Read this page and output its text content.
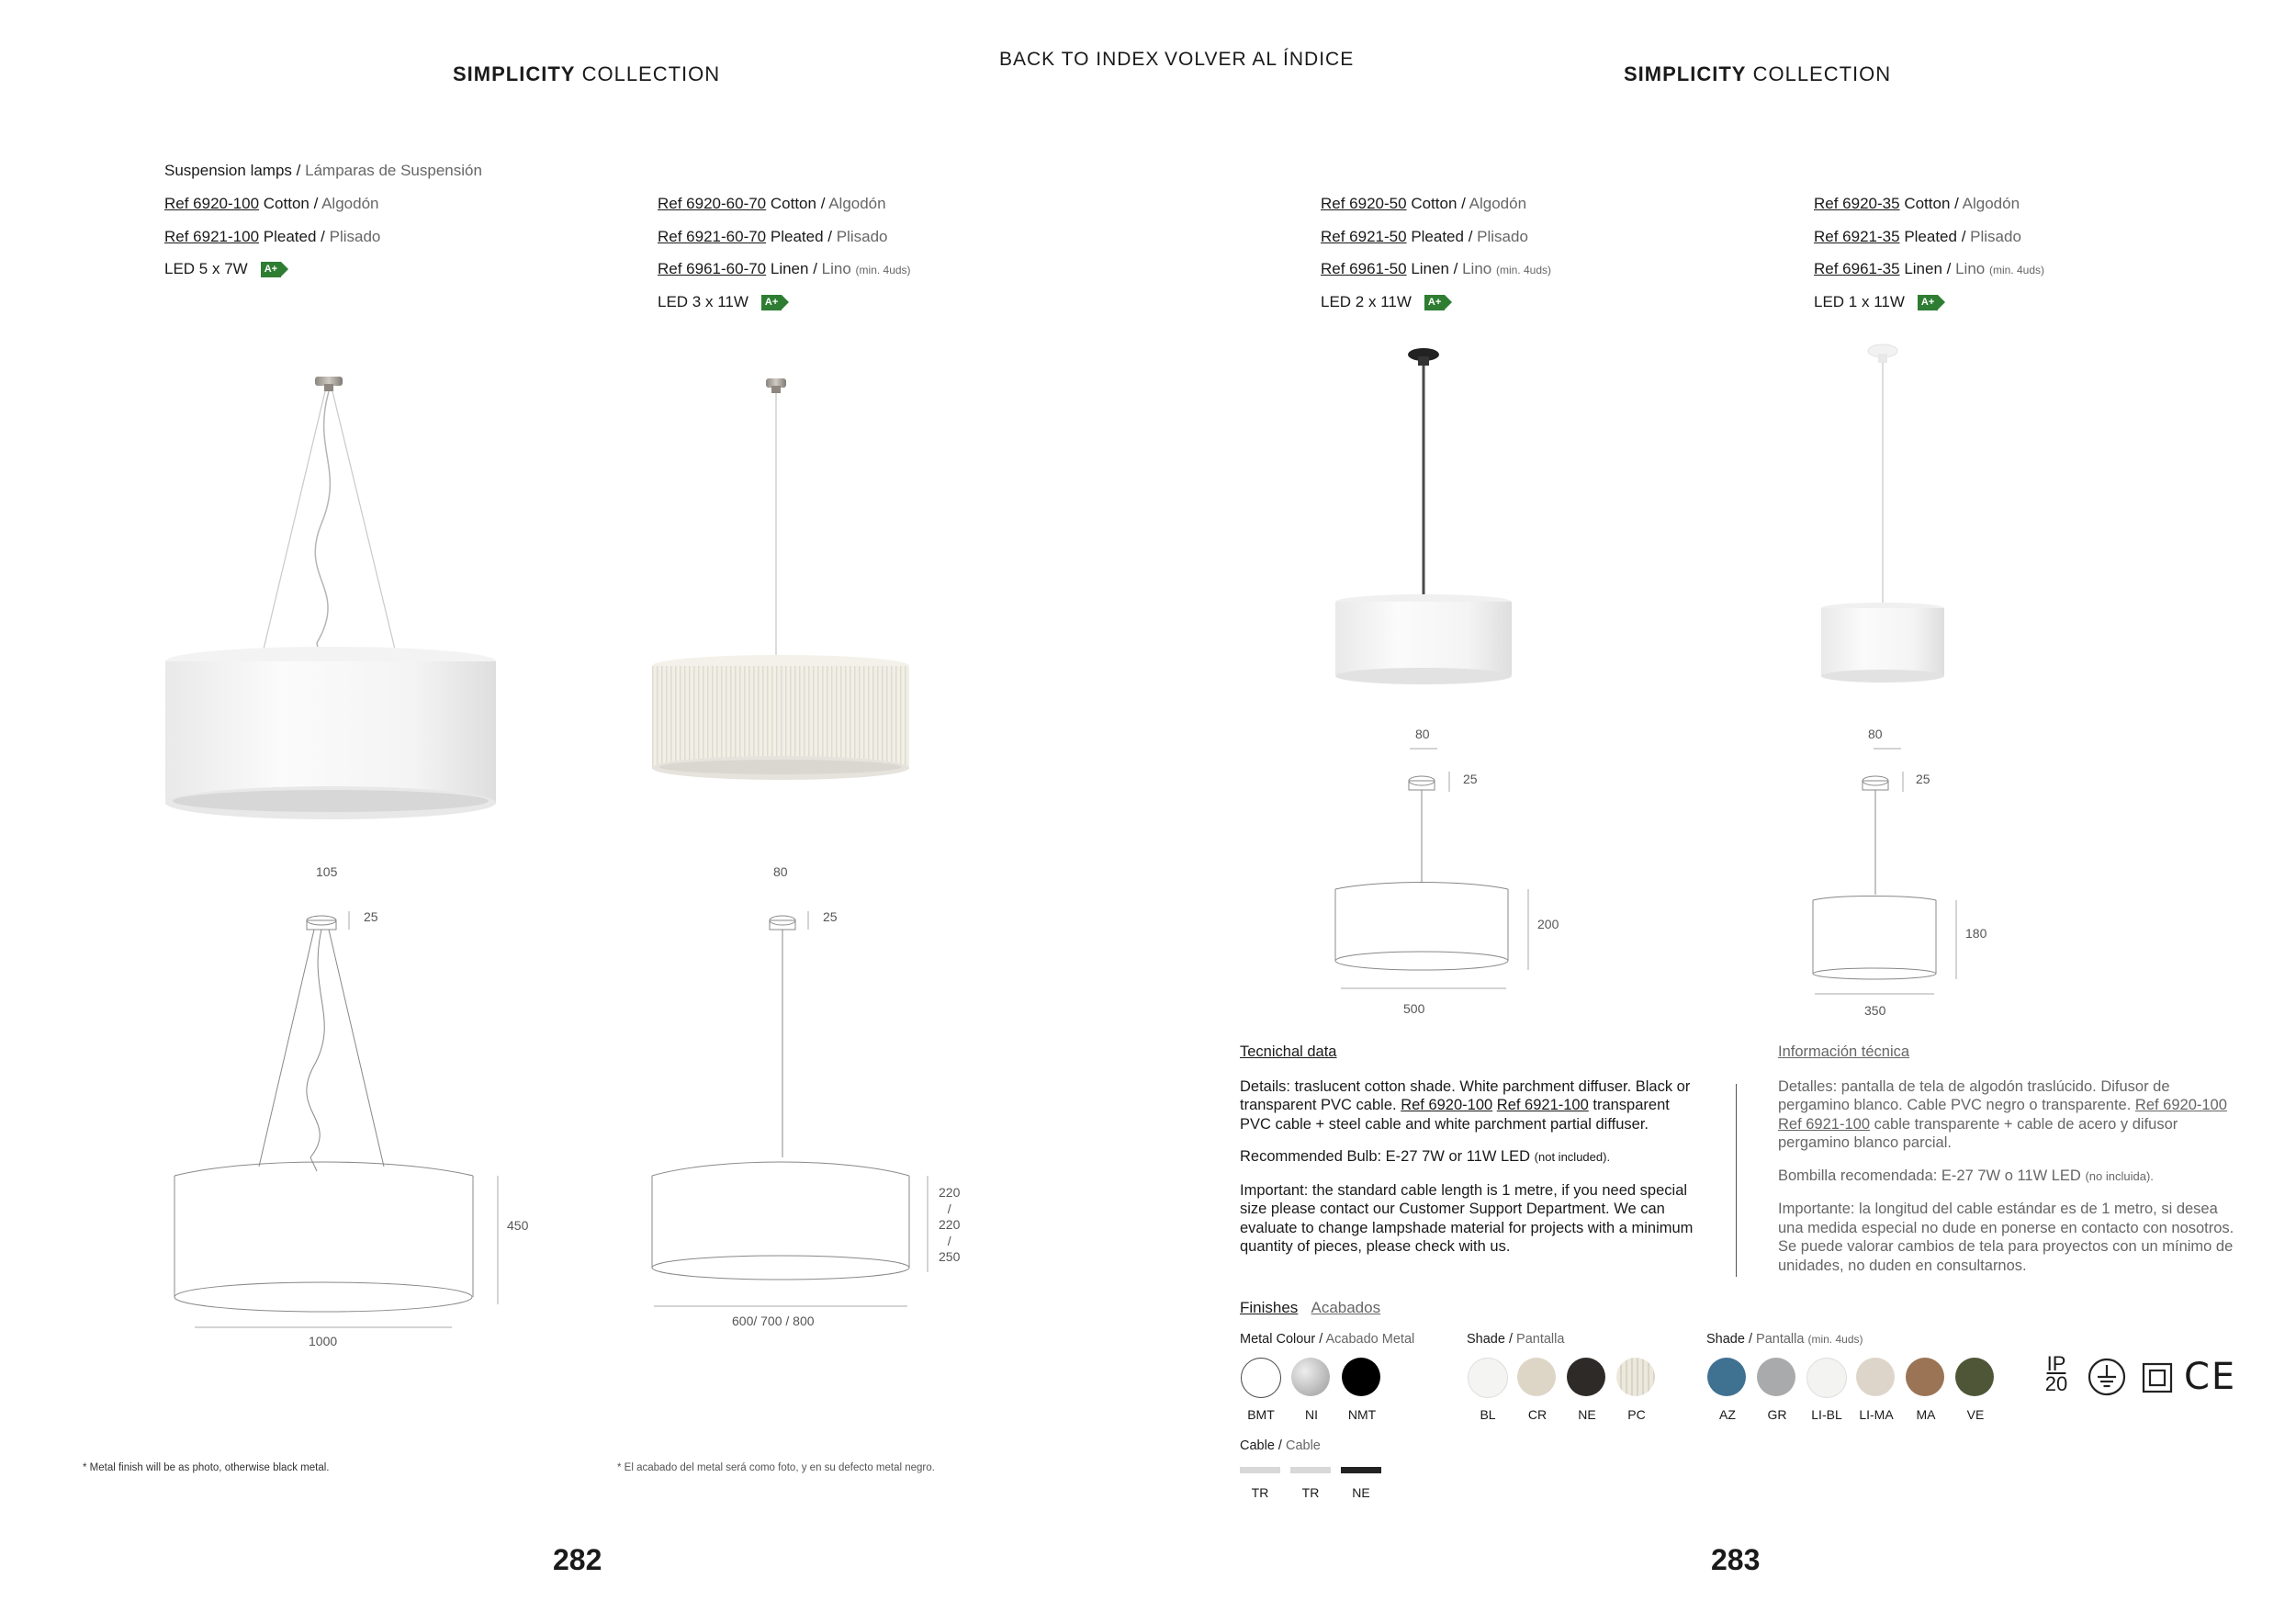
SIMPLICITY COLLECTION
BACK TO INDEX VOLVER AL ÍNDICE
SIMPLICITY COLLECTION
Suspension lamps / Lámparas de Suspensión
Ref 6920-100 Cotton / Algodón
Ref 6921-100 Pleated / Plisado
LED 5 x 7W A+
Ref 6920-60-70 Cotton / Algodón
Ref 6921-60-70 Pleated / Plisado
Ref 6961-60-70 Linen / Lino (min. 4uds)
LED 3 x 11W A+
Ref 6920-50 Cotton / Algodón
Ref 6921-50 Pleated / Plisado
Ref 6961-50 Linen / Lino (min. 4uds)
LED 2 x 11W A+
Ref 6920-35 Cotton / Algodón
Ref 6921-35 Pleated / Plisado
Ref 6961-35 Linen / Lino (min. 4uds)
LED 1 x 11W A+
105
25
450
1000
80
25
220
/
220
/
250
600/ 700 / 800
80
25
200
500
80
25
180
350

Tecnichal data

Details: traslucent cotton shade. White parchment diffuser. Black or transparent PVC cable. Ref 6920-100 Ref 6921-100 transparent PVC cable + steel cable and white parchment partial diffuser.

Recommended Bulb: E-27 7W or 11W LED (not included).

Important: the standard cable length is 1 metre, if you need special size please contact our Customer Support Department. We can evaluate to change lampshade material for projects with a minimum quantity of pieces, please check with us.

Información técnica

Detalles: pantalla de tela de algodón traslúcido. Difusor de pergamino blanco. Cable PVC negro o transparente. Ref 6920-100 Ref 6921-100 cable transparente + cable de acero y difusor pergamino blanco parcial.

Bombilla recomendada: E-27 7W o 11W LED (no incluida).

Importante: la longitud del cable estándar es de 1 metro, si desea una medida especial no dude en ponerse en contacto con nosotros. Se puede valorar cambios de tela para proyectos con un mínimo de unidades, no duden en consultarnos.

Finishes Acabados
Metal Colour / Acabado Metal	Shade / Pantalla	Shade / Pantalla (min. 4uds)
BMT	NI	NMT	BL	CR	NE	PC	AZ	GR	LI-BL	LI-MA	MA	VE
Cable / Cable
TR	TR	NE
IP
20	CE
* Metal finish will be as photo, otherwise black metal.	* El acabado del metal será como foto, y en su defecto metal negro.
282	283
